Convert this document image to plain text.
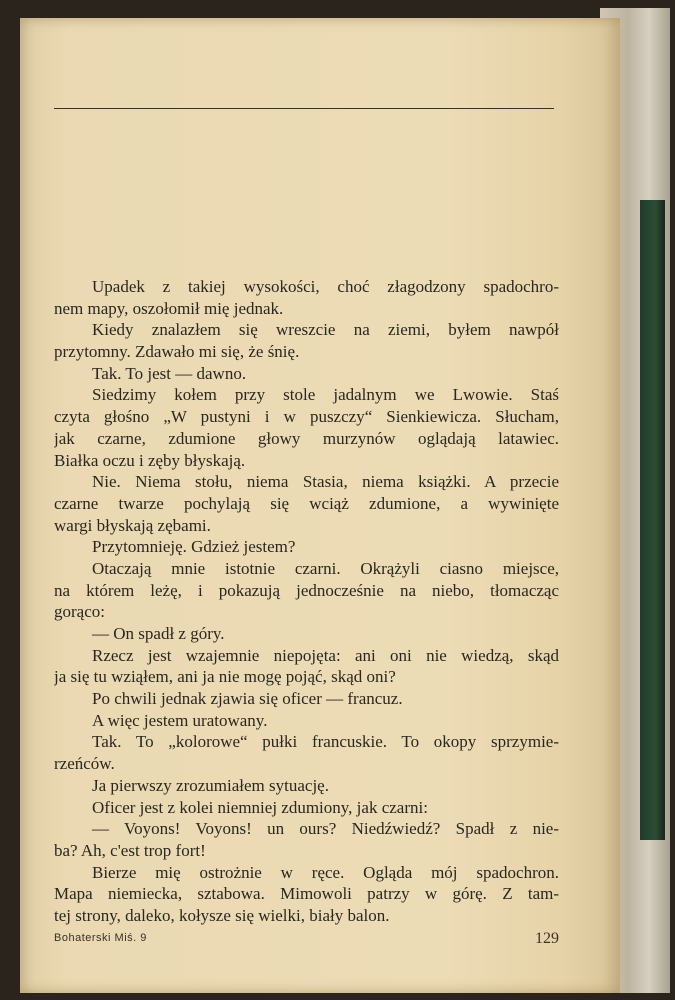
Upadek z takiej wysokości, choć złagodzony spadochro-
nem mapy, oszołomił mię jednak.
Kiedy znalazłem się wreszcie na ziemi, byłem nawpół
przytomny. Zdawało mi się, że śnię.
Tak. To jest — dawno.
Siedzimy kołem przy stole jadalnym we Lwowie. Staś
czyta głośno „W pustyni i w puszczy“ Sienkiewicza. Słucham,
jak czarne, zdumione głowy murzynów oglądają latawiec.
Białka oczu i zęby błyskają.
Nie. Niema stołu, niema Stasia, niema książki. A przecie
czarne twarze pochylają się wciąż zdumione, a wywinięte
wargi błyskają zębami.
Przytomnieję. Gdzież jestem?
Otaczają mnie istotnie czarni. Okrążyli ciasno miejsce,
na którem leżę, i pokazują jednocześnie na niebo, tłomacząc
gorąco:
— On spadł z góry.
Rzecz jest wzajemnie niepojęta: ani oni nie wiedzą, skąd
ja się tu wziąłem, ani ja nie mogę pojąć, skąd oni?
Po chwili jednak zjawia się oficer — francuz.
A więc jestem uratowany.
Tak. To „kolorowe“ pułki francuskie. To okopy sprzymie-
rzeńców.
Ja pierwszy zrozumiałem sytuację.
Oficer jest z kolei niemniej zdumiony, jak czarni:
— Voyons! Voyons! un ours? Niedźwiedź? Spadł z nie-
ba? Ah, c'est trop fort!
Bierze mię ostrożnie w ręce. Ogląda mój spadochron.
Mapa niemiecka, sztabowa. Mimowoli patrzy w górę. Z tam-
tej strony, daleko, kołysze się wielki, biały balon.
Bohaterski Miś. 9	129
